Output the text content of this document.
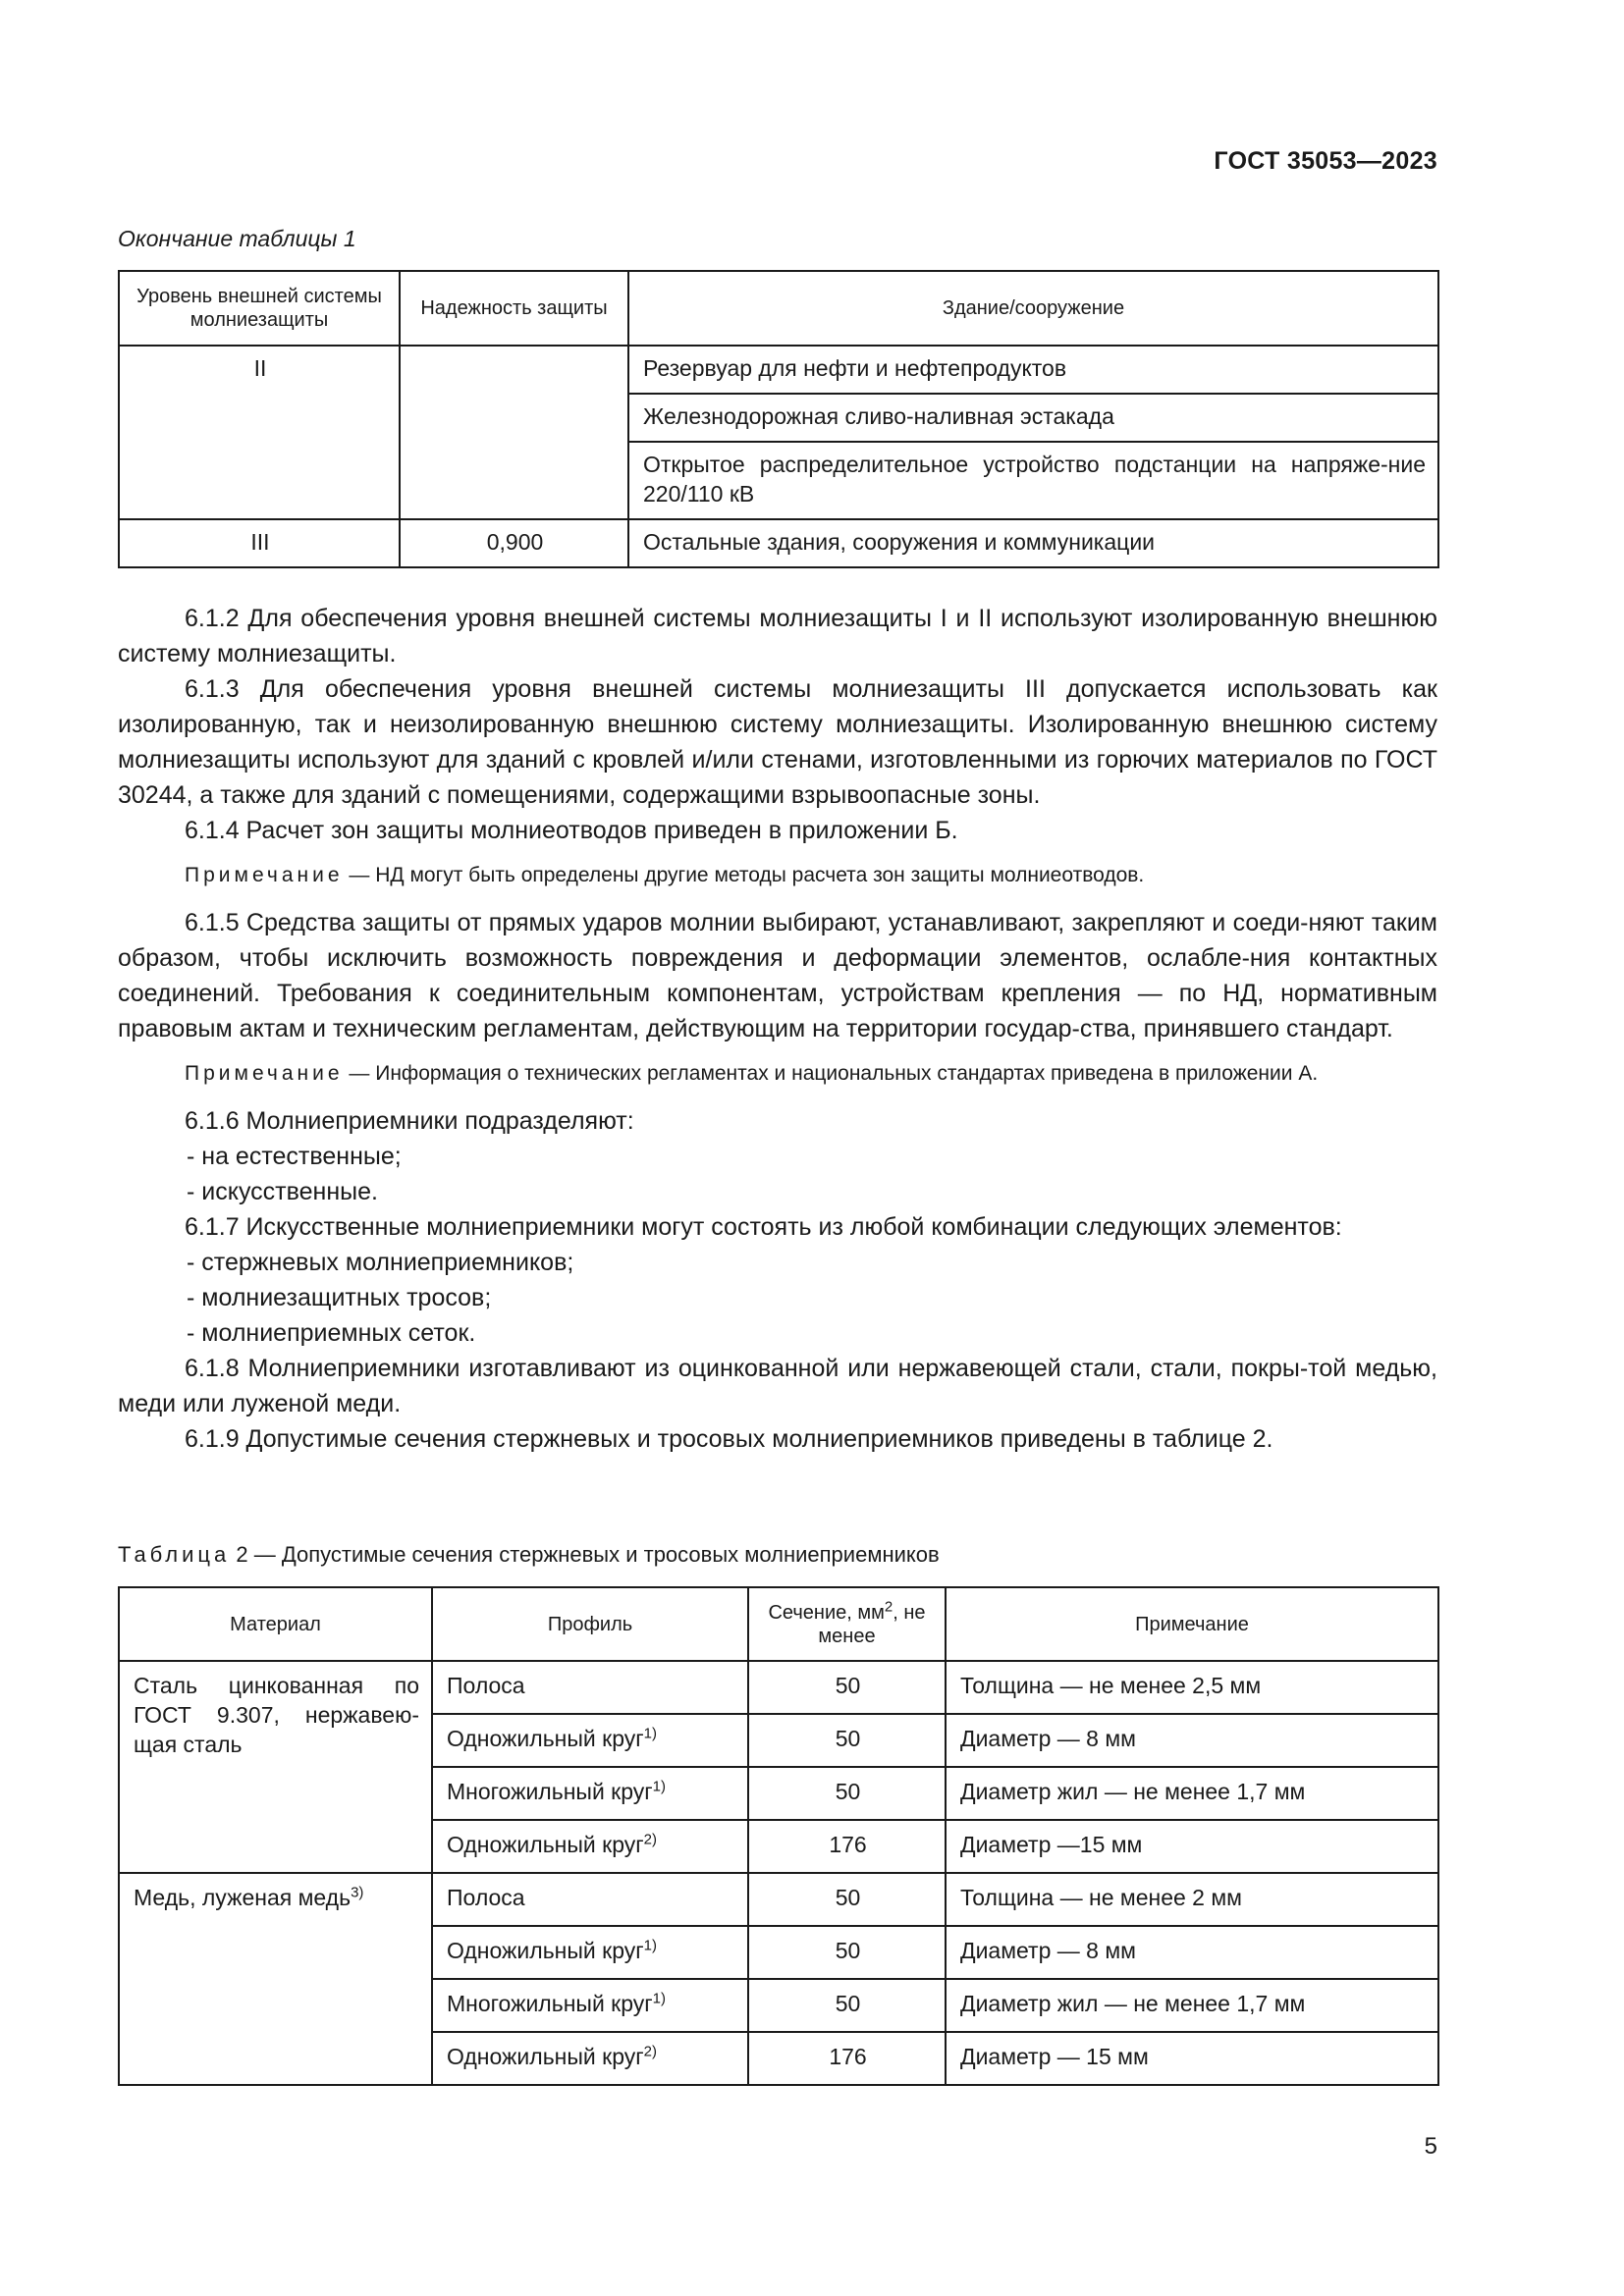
ГОСТ 35053—2023
Окончание таблицы 1
Уровень внешней системы молниезащиты	Надежность защиты	Здание/сооружение
II		Резервуар для нефти и нефтепродуктов
		Железнодорожная сливо-наливная эстакада
		Открытое распределительное устройство подстанции на напряже-ние 220/110 кВ
III	0,900	Остальные здания, сооружения и коммуникации

6.1.2 Для обеспечения уровня внешней системы молниезащиты I и II используют изолированную внешнюю систему молниезащиты.

6.1.3 Для обеспечения уровня внешней системы молниезащиты III допускается использовать как изолированную, так и неизолированную внешнюю систему молниезащиты. Изолированную внешнюю систему молниезащиты используют для зданий с кровлей и/или стенами, изготовленными из горючих материалов по ГОСТ 30244, а также для зданий с помещениями, содержащими взрывоопасные зоны.

6.1.4 Расчет зон защиты молниеотводов приведен в приложении Б.

Примечание — НД могут быть определены другие методы расчета зон защиты молниеотводов.

6.1.5 Средства защиты от прямых ударов молнии выбирают, устанавливают, закрепляют и соеди-няют таким образом, чтобы исключить возможность повреждения и деформации элементов, ослабле-ния контактных соединений. Требования к соединительным компонентам, устройствам крепления — по НД, нормативным правовым актам и техническим регламентам, действующим на территории государ-ства, принявшего стандарт.

Примечание — Информация о технических регламентах и национальных стандартах приведена в приложении А.

6.1.6 Молниеприемники подразделяют:

- на естественные;

- искусственные.

6.1.7 Искусственные молниеприемники могут состоять из любой комбинации следующих элементов:

- стержневых молниеприемников;

- молниезащитных тросов;

- молниеприемных сеток.

6.1.8 Молниеприемники изготавливают из оцинкованной или нержавеющей стали, стали, покры-той медью, меди или луженой меди.

6.1.9 Допустимые сечения стержневых и тросовых молниеприемников приведены в таблице 2.

Таблица 2 — Допустимые сечения стержневых и тросовых молниеприемников
Материал	Профиль	Сечение, $мм^2$, не менее	Примечание
Сталь цинкованная по ГОСТ 9.307, нержавею-щая сталь	Полоса	50	Толщина — не менее 2,5 мм
	Одножильный круг$^{1)}$	50	Диаметр — 8 мм
	Многожильный круг$^{1)}$	50	Диаметр жил — не менее 1,7 мм
	Одножильный круг$^{2)}$	176	Диаметр —15 мм
Медь, луженая медь$^{3)}$	Полоса	50	Толщина — не менее 2 мм
	Одножильный круг$^{1)}$	50	Диаметр — 8 мм
	Многожильный круг$^{1)}$	50	Диаметр жил — не менее 1,7 мм
	Одножильный круг$^{2)}$	176	Диаметр — 15 мм
5
